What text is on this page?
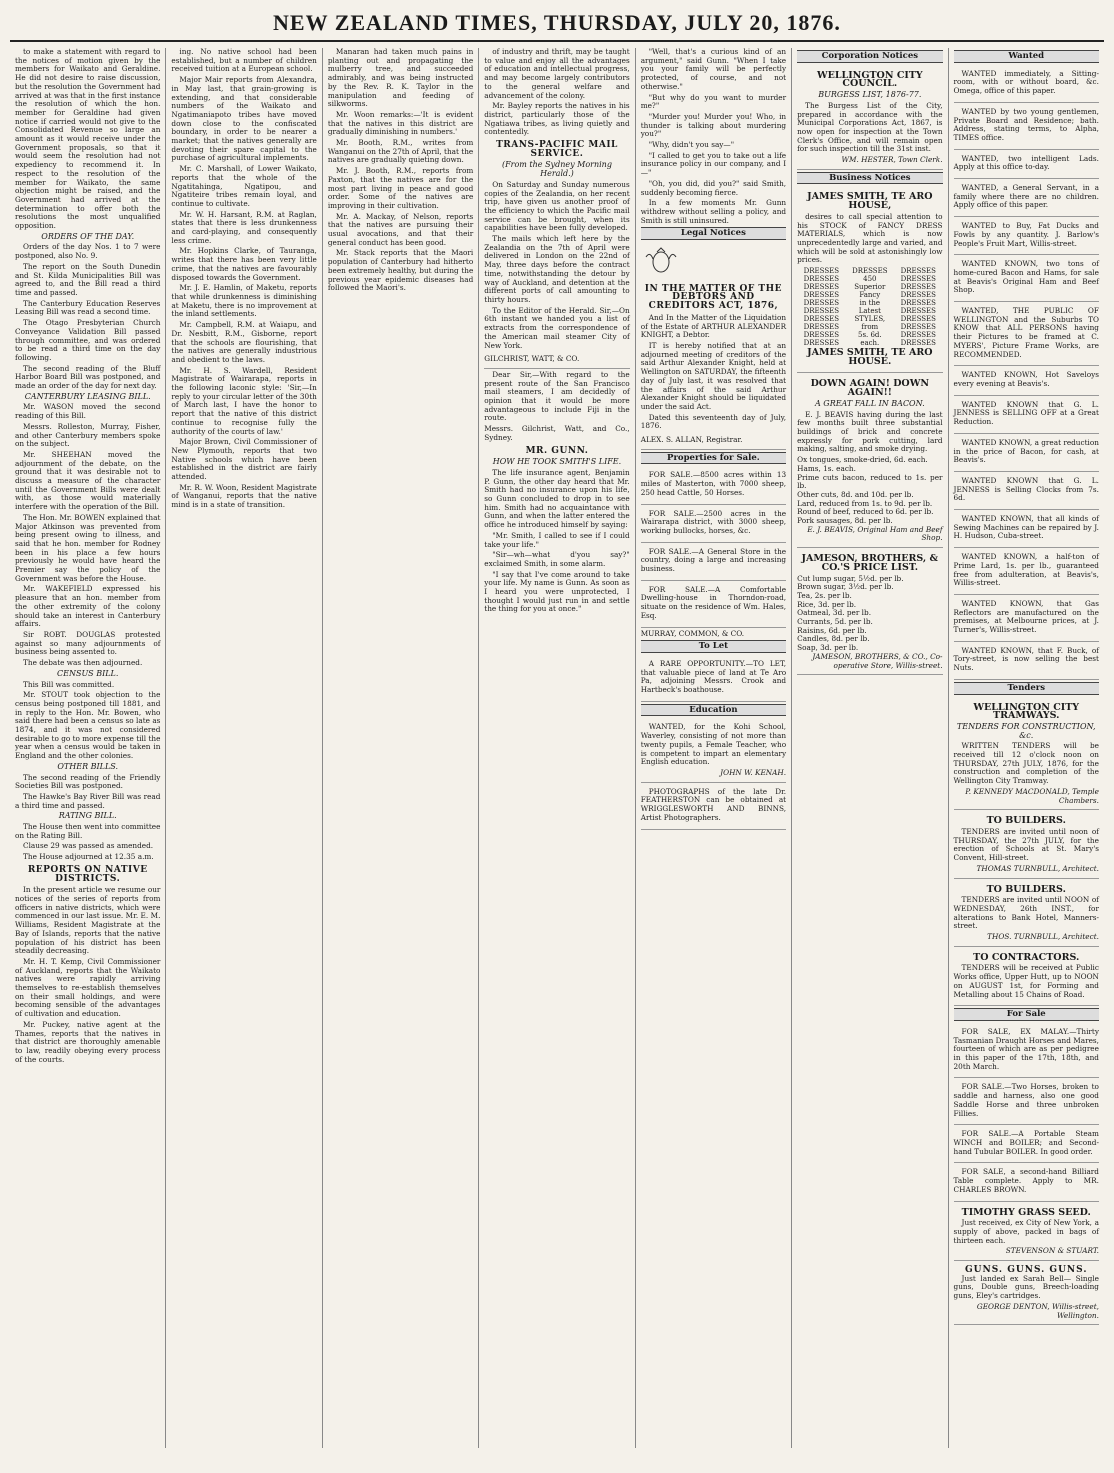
NEW ZEALAND TIMES, THURSDAY, JULY 20, 1876.

to make a statement with regard to the notices of motion given by the members for Waikato and Geraldine. He did not desire to raise discussion, but the resolution the Government had arrived at was that in the first instance the resolution of which the hon. member for Geraldine had given notice if carried would not give to the Consolidated Revenue so large an amount as it would receive under the Government proposals, so that it would seem the resolution had not expediency to recommend it. In respect to the resolution of the member for Waikato, the same objection might be raised, and the Government had arrived at the determination to offer both the resolutions the most unqualified opposition.

ORDERS OF THE DAY.

Orders of the day Nos. 1 to 7 were postponed, also No. 9.

The report on the South Dunedin and St. Kilda Municipalities Bill was agreed to, and the Bill read a third time and passed.

The Canterbury Education Reserves Leasing Bill was read a second time.

The Otago Presbyterian Church Conveyance Validation Bill passed through committee, and was ordered to be read a third time on the day following.

The second reading of the Bluff Harbor Board Bill was postponed, and made an order of the day for next day.

CANTERBURY LEASING BILL.

Mr. WASON moved the second reading of this Bill.

Messrs. Rolleston, Murray, Fisher, and other Canterbury members spoke on the subject.

Mr. SHEEHAN moved the adjournment of the debate, on the ground that it was desirable not to discuss a measure of the character until the Government Bills were dealt with, as those would materially interfere with the operation of the Bill.

The Hon. Mr. BOWEN explained that Major Atkinson was prevented from being present owing to illness, and said that he hon. member for Rodney been in his place a few hours previously he would have heard the Premier say the policy of the Government was before the House.

Mr. WAKEFIELD expressed his pleasure that an hon. member from the other extremity of the colony should take an interest in Canterbury affairs.

Sir ROBT. DOUGLAS protested against so many adjournments of business being assented to.

The debate was then adjourned.

CENSUS BILL.

This Bill was committed.

Mr. STOUT took objection to the census being postponed till 1881, and in reply to the Hon. Mr. Bowen, who said there had been a census so late as 1874, and it was not considered desirable to go to more expense till the year when a census would be taken in England and the other colonies.

OTHER BILLS.

The second reading of the Friendly Societies Bill was postponed.

The Hawke's Bay River Bill was read a third time and passed.

RATING BILL.

The House then went into committee on the Rating Bill.

Clause 29 was passed as amended.

The House adjourned at 12.35 a.m.

REPORTS ON NATIVE DISTRICTS.

In the present article we resume our notices of the series of reports from officers in native districts, which were commenced in our last issue. Mr. E. M. Williams, Resident Magistrate at the Bay of Islands, reports that the native population of his district has been steadily decreasing.

Mr. H. T. Kemp, Civil Commissioner of Auckland, reports that the Waikato natives were rapidly arriving themselves to re-establish themselves on their small holdings, and were becoming sensible of the advantages of cultivation and education.

Mr. Puckey, native agent at the Thames, reports that the natives in that district are thoroughly amenable to law, readily obeying every process of the courts.

ing. No native school had been established, but a number of children received tuition at a European school.

Major Mair reports from Alexandra, in May last, that grain-growing is extending, and that considerable numbers of the Waikato and Ngatimaniapoto tribes have moved down close to the confiscated boundary, in order to be nearer a market; that the natives generally are devoting their spare capital to the purchase of agricultural implements.

Mr. C. Marshall, of Lower Waikato, reports that the whole of the Ngatitahinga, Ngatipou, and Ngatiteire tribes remain loyal, and continue to cultivate.

Mr. W. H. Harsant, R.M. at Raglan, states that there is less drunkenness and card-playing, and consequently less crime.

Mr. Hopkins Clarke, of Tauranga, writes that there has been very little crime, that the natives are favourably disposed towards the Government.

Mr. J. E. Hamlin, of Maketu, reports that while drunkenness is diminishing at Maketu, there is no improvement at the inland settlements.

Mr. Campbell, R.M. at Waiapu, and Dr. Nesbitt, R.M., Gisborne, report that the schools are flourishing, that the natives are generally industrious and obedient to the laws.

Mr. H. S. Wardell, Resident Magistrate of Wairarapa, reports in the following laconic style: 'Sir,—In reply to your circular letter of the 30th of March last, I have the honor to report that the native of this district continue to recognise fully the authority of the courts of law.'

Major Brown, Civil Commissioner of New Plymouth, reports that two Native schools which have been established in the district are fairly attended.

Mr. R. W. Woon, Resident Magistrate of Wanganui, reports that the native mind is in a state of transition.

Manaran had taken much pains in planting out and propagating the mulberry tree, and succeeded admirably, and was being instructed by the Rev. R. K. Taylor in the manipulation and feeding of silkworms.

Mr. Woon remarks:—'It is evident that the natives in this district are gradually diminishing in numbers.'

Mr. Booth, R.M., writes from Wanganui on the 27th of April, that the natives are gradually quieting down.

Mr. J. Booth, R.M., reports from Paxton, that the natives are for the most part living in peace and good order. Some of the natives are improving in their cultivation.

Mr. A. Mackay, of Nelson, reports that the natives are pursuing their usual avocations, and that their general conduct has been good.

Mr. Stack reports that the Maori population of Canterbury had hitherto been extremely healthy, but during the previous year epidemic diseases had followed the Maori's.

of industry and thrift, may be taught to value and enjoy all the advantages of education and intellectual progress, and may become largely contributors to the general welfare and advancement of the colony.

Mr. Bayley reports the natives in his district, particularly those of the Ngatiawa tribes, as living quietly and contentedly.

TRANS-PACIFIC MAIL SERVICE.
(From the Sydney Morning Herald.)

On Saturday and Sunday numerous copies of the Zealandia, on her recent trip, have given us another proof of the efficiency to which the Pacific mail service can be brought, when its capabilities have been fully developed.

The mails which left here by the Zealandia on the 7th of April were delivered in London on the 22nd of May, three days before the contract time, notwithstanding the detour by way of Auckland, and detention at the different ports of call amounting to thirty hours.

To the Editor of the Herald. Sir,—On 6th instant we handed you a list of extracts from the correspondence of the American mail steamer City of New York.

GILCHRIST, WATT, & CO.

Dear Sir,—With regard to the present route of the San Francisco mail steamers, I am decidedly of opinion that it would be more advantageous to include Fiji in the route.

Messrs. Gilchrist, Watt, and Co., Sydney.
MR. GUNN.
HOW HE TOOK SMITH'S LIFE.

The life insurance agent, Benjamin P. Gunn, the other day heard that Mr. Smith had no insurance upon his life, so Gunn concluded to drop in to see him. Smith had no acquaintance with Gunn, and when the latter entered the office he introduced himself by saying:

"Mr. Smith, I called to see if I could take your life."

"Sir—wh—what d'you say?" exclaimed Smith, in some alarm.

"I say that I've come around to take your life. My name is Gunn. As soon as I heard you were unprotected, I thought I would just run in and settle the thing for you at once."

"Well, that's a curious kind of an argument," said Gunn. "When I take you your family will be perfectly protected, of course, and not otherwise."

"But why do you want to murder me?"

"Murder you! Murder you! Who, in thunder is talking about murdering you?"

"Why, didn't you say—"

"I called to get you to take out a life insurance policy in our company, and I—"

"Oh, you did, did you?" said Smith, suddenly becoming fierce.

In a few moments Mr. Gunn withdrew without selling a policy, and Smith is still uninsured.

Legal Notices
IN THE MATTER OF THE DEBTORS AND CREDITORS ACT, 1876,

And In the Matter of the Liquidation of the Estate of ARTHUR ALEXANDER KNIGHT, a Debtor.

IT is hereby notified that at an adjourned meeting of creditors of the said Arthur Alexander Knight, held at Wellington on SATURDAY, the fifteenth day of July last, it was resolved that the affairs of the said Arthur Alexander Knight should be liquidated under the said Act.

Dated this seventeenth day of July, 1876.

ALEX. S. ALLAN, Registrar.
Properties for Sale.

FOR SALE.—8500 acres within 13 miles of Masterton, with 7000 sheep, 250 head Cattle, 50 Horses.

FOR SALE.—2500 acres in the Wairarapa district, with 3000 sheep, working bullocks, horses, &c.

FOR SALE.—A General Store in the country, doing a large and increasing business.

FOR SALE.—A Comfortable Dwelling-house in Thorndon-road, situate on the residence of Wm. Hales, Esq.

MURRAY, COMMON, & CO.
To Let

A RARE OPPORTUNITY.—TO LET, that valuable piece of land at Te Aro Pa, adjoining Messrs. Crook and Hartbeck's boathouse.

Education

WANTED, for the Kohi School, Waverley, consisting of not more than twenty pupils, a Female Teacher, who is competent to impart an elementary English education.

JOHN W. KENAH.

PHOTOGRAPHS of the late Dr. FEATHERSTON can be obtained at WRIGGLESWORTH AND BINNS, Artist Photographers.

Corporation Notices
WELLINGTON CITY COUNCIL.
BURGESS LIST, 1876-77.

The Burgess List of the City, prepared in accordance with the Municipal Corporations Act, 1867, is now open for inspection at the Town Clerk's Office, and will remain open for such inspection till the 31st inst.

WM. HESTER, Town Clerk.
Business Notices
JAMES SMITH, TE ARO HOUSE,

desires to call special attention to his STOCK of FANCY DRESS MATERIALS, which is now unprecedentedly large and varied, and which will be sold at astonishingly low prices.

DRESSES	DRESSES	DRESSES
DRESSES	450	DRESSES
DRESSES	Superior	DRESSES
DRESSES	Fancy	DRESSES
DRESSES	in the	DRESSES
DRESSES	Latest	DRESSES
DRESSES	STYLES,	DRESSES
DRESSES	from	DRESSES
DRESSES	5s. 6d.	DRESSES
DRESSES	each.	DRESSES
JAMES SMITH, TE ARO HOUSE.
DOWN AGAIN! DOWN AGAIN!!
A GREAT FALL IN BACON.

E. J. BEAVIS having during the last few months built three substantial buildings of brick and concrete expressly for pork cutting, lard making, salting, and smoke drying.

Ox tongues, smoke-dried, 6d. each.
Hams, 1s. each.
Prime cuts bacon, reduced to 1s. per lb.
Other cuts, 8d. and 10d. per lb.
Lard, reduced from 1s. to 9d. per lb.
Round of beef, reduced to 6d. per lb.
Pork sausages, 8d. per lb.
E. J. BEAVIS, Original Ham and Beef Shop.
JAMESON, BROTHERS, & CO.'S PRICE LIST.
Cut lump sugar, 5½d. per lb.
Brown sugar, 3½d. per lb.
Tea, 2s. per lb.
Rice, 3d. per lb.
Oatmeal, 3d. per lb.
Currants, 5d. per lb.
Raisins, 6d. per lb.
Candles, 8d. per lb.
Soap, 3d. per lb.
JAMESON, BROTHERS, & CO., Co-operative Store, Willis-street.
Wanted

WANTED immediately, a Sitting-room, with or without board, &c. Omega, office of this paper.

WANTED by two young gentlemen, Private Board and Residence; bath. Address, stating terms, to Alpha, TIMES office.

WANTED, two intelligent Lads. Apply at this office to-day.

WANTED, a General Servant, in a family where there are no children. Apply office of this paper.

WANTED to Buy, Fat Ducks and Fowls by any quantity. J. Barlow's People's Fruit Mart, Willis-street.

WANTED KNOWN, two tons of home-cured Bacon and Hams, for sale at Beavis's Original Ham and Beef Shop.

WANTED, THE PUBLIC OF WELLINGTON and the Suburbs TO KNOW that ALL PERSONS having their Pictures to be framed at C. MYERS', Picture Frame Works, are RECOMMENDED.

WANTED KNOWN, Hot Saveloys every evening at Beavis's.

WANTED KNOWN that G. L. JENNESS is SELLING OFF at a Great Reduction.

WANTED KNOWN, a great reduction in the price of Bacon, for cash, at Beavis's.

WANTED KNOWN that G. L. JENNESS is Selling Clocks from 7s. 6d.

WANTED KNOWN, that all kinds of Sewing Machines can be repaired by J. H. Hudson, Cuba-street.

WANTED KNOWN, a half-ton of Prime Lard, 1s. per lb., guaranteed free from adulteration, at Beavis's, Willis-street.

WANTED KNOWN, that Gas Reflectors are manufactured on the premises, at Melbourne prices, at J. Turner's, Willis-street.

WANTED KNOWN, that F. Buck, of Tory-street, is now selling the best Nuts.

Tenders
WELLINGTON CITY TRAMWAYS.
TENDERS FOR CONSTRUCTION, &c.

WRITTEN TENDERS will be received till 12 o'clock noon on THURSDAY, 27th JULY, 1876, for the construction and completion of the Wellington City Tramway.

P. KENNEDY MACDONALD, Temple Chambers.
TO BUILDERS.

TENDERS are invited until noon of THURSDAY, the 27th JULY, for the erection of Schools at St. Mary's Convent, Hill-street.

THOMAS TURNBULL, Architect.
TO BUILDERS.

TENDERS are invited until NOON of WEDNESDAY, 26th INST., for alterations to Bank Hotel, Manners-street.

THOS. TURNBULL, Architect.
TO CONTRACTORS.

TENDERS will be received at Public Works office, Upper Hutt, up to NOON on AUGUST 1st, for Forming and Metalling about 15 Chains of Road.

For Sale

FOR SALE, EX MALAY.—Thirty Tasmanian Draught Horses and Mares, fourteen of which are as per pedigree in this paper of the 17th, 18th, and 20th March.

FOR SALE.—Two Horses, broken to saddle and harness, also one good Saddle Horse and three unbroken Fillies.

FOR SALE.—A Portable Steam WINCH and BOILER; and Second-hand Tubular BOILER. In good order.

FOR SALE, a second-hand Billiard Table complete. Apply to MR. CHARLES BROWN.

TIMOTHY GRASS SEED.

Just received, ex City of New York, a supply of above, packed in bags of thirteen each.

STEVENSON & STUART.
GUNS. GUNS. GUNS.

Just landed ex Sarah Bell— Single guns, Double guns, Breech-loading guns, Eley's cartridges.

GEORGE DENTON, Willis-street, Wellington.
